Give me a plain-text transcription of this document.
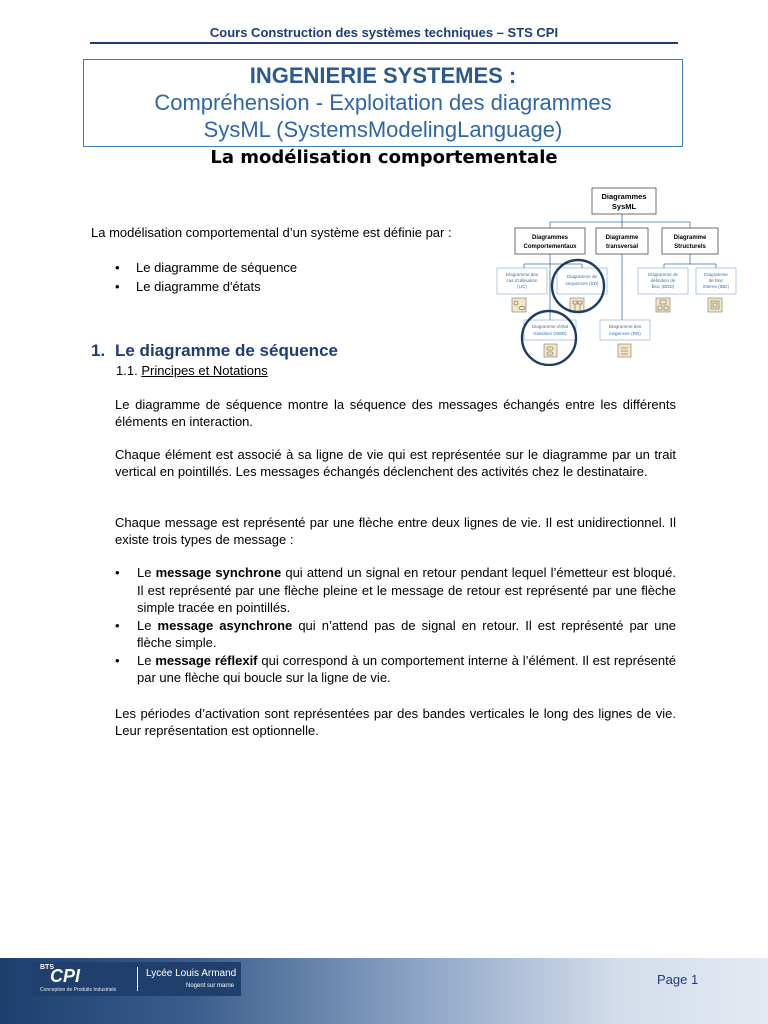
Cours Construction des systèmes techniques – STS CPI
INGENIERIE SYSTEMES :
Compréhension - Exploitation des diagrammes
SysML (SystemsModelingLanguage)
La modélisation comportementale
La modélisation comportemental d’un système est définie par :
• Le diagramme de séquence
• Le diagramme d'états
Diagrammes
SysML
Diagrammes
Comportementaux
Diagramme
transversal
Diagramme
Structurels
Diagramme des
cas d'utilisation
(UC)
Diagramme de
séquences (SD)
Diagramme de
définition de
bloc (BDD)
Diagramme
de bloc
interne (IBD)
Diagramme d'état
transition (SMD)
Diagramme des
exigences (RD)
1. Le diagramme de séquence
1.1. Principes et Notations
Le diagramme de séquence montre la séquence des messages échangés entre les différents éléments en interaction.
Chaque élément est associé à sa ligne de vie qui est représentée sur le diagramme par un trait vertical en pointillés. Les messages échangés déclenchent des activités chez le destinataire.
Chaque message est représenté par une flèche entre deux lignes de vie. Il est unidirectionnel. Il existe trois types de message :
• Le message synchrone qui attend un signal en retour pendant lequel l’émetteur est bloqué. Il est représenté par une flèche pleine et le message de retour est représenté par une flèche simple tracée en pointillés.
• Le message asynchrone qui n’attend pas de signal en retour. Il est représenté par une flèche simple.
• Le message réflexif qui correspond à un comportement interne à l’élément. Il est représenté par une flèche qui boucle sur la ligne de vie.
Les périodes d’activation sont représentées par des bandes verticales le long des lignes de vie. Leur représentation est optionnelle.
BTS
CPI
Conception de Produits Industriels
Lycée Louis Armand
Nogent sur marne	Page 1
